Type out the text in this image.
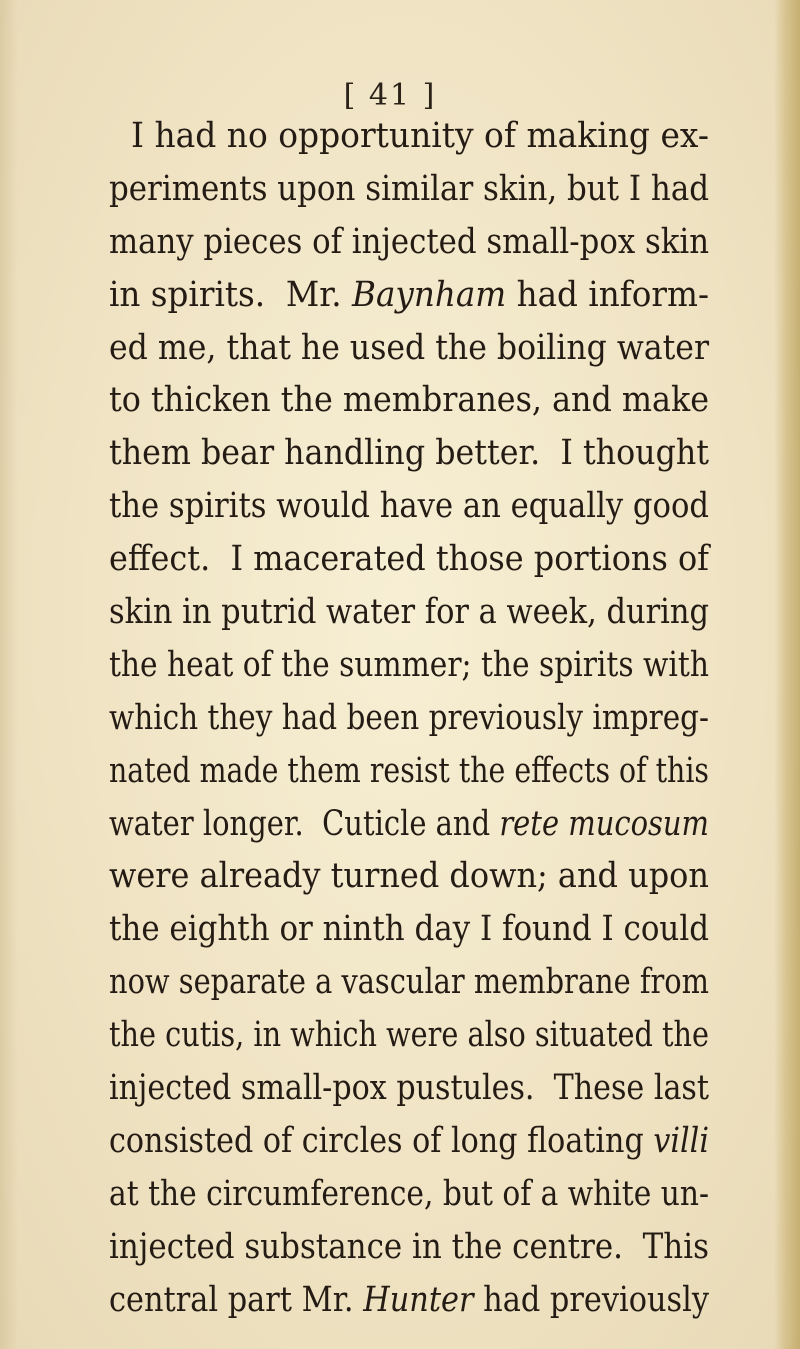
[ 41 ]
I had no opportunity of making ex-
periments upon similar skin, but I had
many pieces of injected small-pox skin
in spirits.  Mr. Baynham had inform-
ed me, that he used the boiling water
to thicken the membranes, and make
them bear handling better.  I thought
the spirits would have an equally good
effect.  I macerated those portions of
skin in putrid water for a week, during
the heat of the summer; the spirits with
which they had been previously impreg-
nated made them resist the effects of this
water longer.  Cuticle and rete mucosum
were already turned down; and upon
the eighth or ninth day I found I could
now separate a vascular membrane from
the cutis, in which were also situated the
injected small-pox pustules.  These last
consisted of circles of long floating villi
at the circumference, but of a white un-
injected substance in the centre.  This
central part Mr. Hunter had previously
